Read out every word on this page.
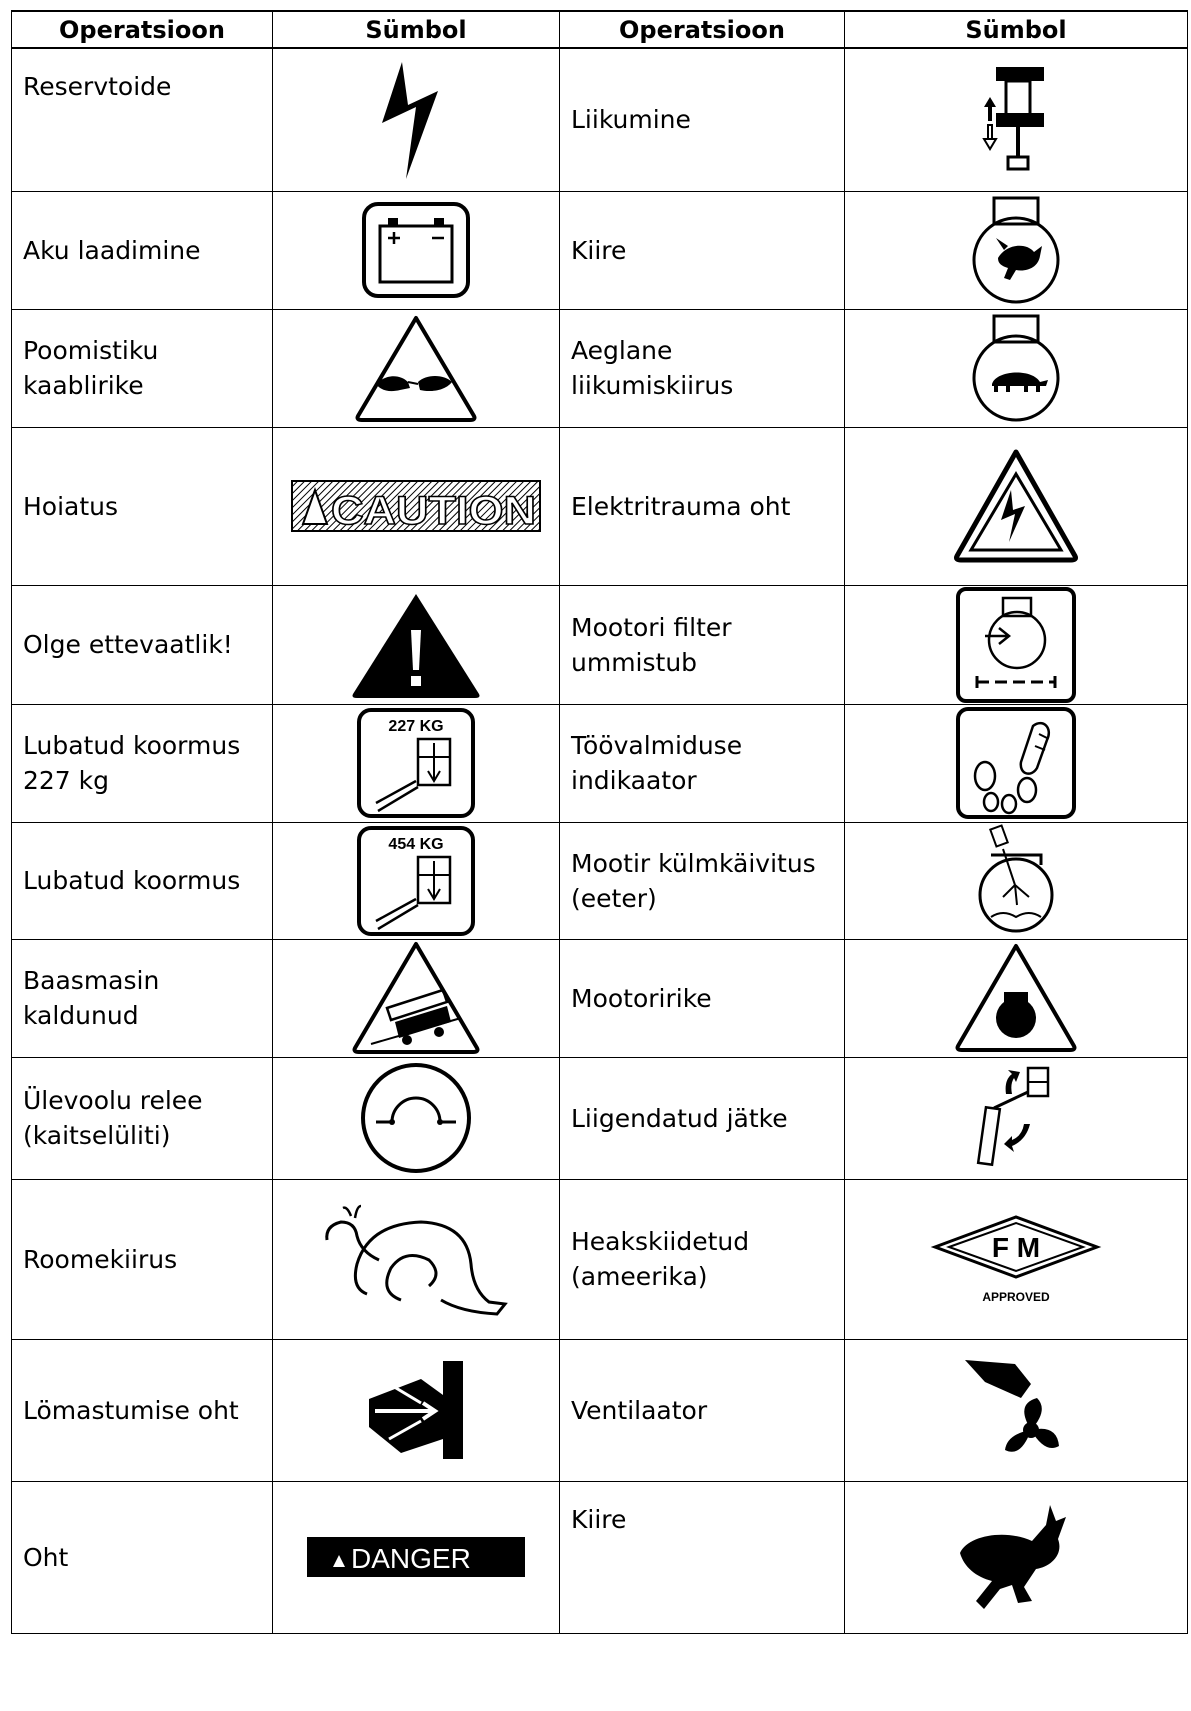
Operatsioon	Sümbol	Operatsioon	Sümbol
Reservtoide		Liikumine	

Aku laadimine		Kiire	

Poomistiku kaablirike		Aeglane liikumiskiirus	

Hoiatus	CAUTION	Elektritrauma oht	

Olge ettevaatlik!		Mootori filter ummistub	

Lubatud koormus 227 kg	227 KG	Töövalmiduse indikaator	

Lubatud koormus	454 KG	Mootir külmkäivitus (eeter)	

Baasmasin kaldunud		Mootoririke	

Ülevoolu relee (kaitselüliti)		Liigendatud jätke	

Roomekiirus		Heakskiidetud (ameerika)	F M
APPROVED

Lömastumise oht		Ventilaator	

Oht	DANGER	Kiire	
